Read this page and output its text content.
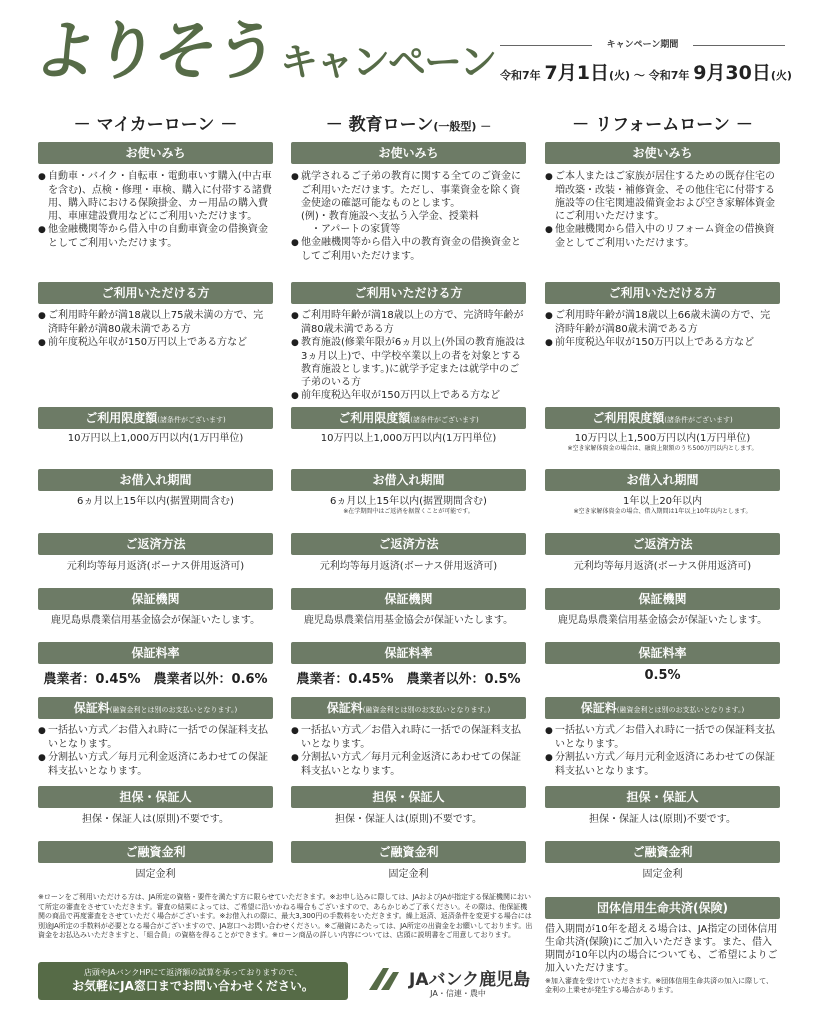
よりそう キャンペーン	キャンペーン期間
令和7年 7月1日(火) 〜 令和7年 9月30日(火)
－ マイカーローン －
お使いみち
● 自動車・バイク・自転車・電動車いす購入(中古車を含む)、点検・修理・車検、購入に付帯する諸費用、購入時における保険掛金、カー用品の購入費用、車庫建設費用などにご利用いただけます。
● 他金融機関等から借入中の自動車資金の借換資金としてご利用いただけます。
ご利用いただける方
● ご利用時年齢が満18歳以上75歳未満の方で、完済時年齢が満80歳未満である方
● 前年度税込年収が150万円以上である方など
ご利用限度額(諸条件がございます)
10万円以上1,000万円以内(1万円単位)
お借入れ期間
6ヵ月以上15年以内(据置期間含む)
ご返済方法
元利均等毎月返済(ボーナス併用返済可)
保証機関
鹿児島県農業信用基金協会が保証いたします。
保証料率
農業者：0.45%　農業者以外：0.6%
保証料(融資金利とは別のお支払いとなります。)
● 一括払い方式／お借入れ時に一括での保証料支払いとなります。
● 分割払い方式／毎月元利金返済にあわせての保証料支払いとなります。
担保・保証人
担保・保証人は(原則)不要です。
ご融資金利
固定金利
－ 教育ローン(一般型) －
お使いみち
● 就学されるご子弟の教育に関する全てのご資金にご利用いただけます。ただし、事業資金を除く資金使途の確認可能なものとします。
(例)・教育施設へ支払う入学金、授業料
　・アパートの家賃等
● 他金融機関等から借入中の教育資金の借換資金としてご利用いただけます。
ご利用いただける方
● ご利用時年齢が満18歳以上の方で、完済時年齢が満80歳未満である方
● 教育施設(修業年限が6ヵ月以上(外国の教育施設は3ヵ月以上)で、中学校卒業以上の者を対象とする教育施設とします。)に就学予定または就学中のご子弟のいる方
● 前年度税込年収が150万円以上である方など
ご利用限度額(諸条件がございます)
10万円以上1,000万円以内(1万円単位)
お借入れ期間
6ヵ月以上15年以内(据置期間含む)
※在学期間中はご返済を据置くことが可能です。
ご返済方法
元利均等毎月返済(ボーナス併用返済可)
保証機関
鹿児島県農業信用基金協会が保証いたします。
保証料率
農業者：0.45%　農業者以外：0.5%
保証料(融資金利とは別のお支払いとなります。)
● 一括払い方式／お借入れ時に一括での保証料支払いとなります。
● 分割払い方式／毎月元利金返済にあわせての保証料支払いとなります。
担保・保証人
担保・保証人は(原則)不要です。
ご融資金利
固定金利
－ リフォームローン －
お使いみち
● ご本人またはご家族が居住するための既存住宅の増改築・改装・補修資金、その他住宅に付帯する施設等の住宅関連設備資金および空き家解体資金にご利用いただけます。
● 他金融機関から借入中のリフォーム資金の借換資金としてご利用いただけます。
ご利用いただける方
● ご利用時年齢が満18歳以上66歳未満の方で、完済時年齢が満80歳未満である方
● 前年度税込年収が150万円以上である方など
ご利用限度額(諸条件がございます)
10万円以上1,500万円以内(1万円単位)
※空き家解体資金の場合は、融資上限額のうち500万円以内とします。
お借入れ期間
1年以上20年以内
※空き家解体資金の場合、借入期間は1年以上10年以内とします。
ご返済方法
元利均等毎月返済(ボーナス併用返済可)
保証機関
鹿児島県農業信用基金協会が保証いたします。
保証料率
0.5%
保証料(融資金利とは別のお支払いとなります。)
● 一括払い方式／お借入れ時に一括での保証料支払いとなります。
● 分割払い方式／毎月元利金返済にあわせての保証料支払いとなります。
担保・保証人
担保・保証人は(原則)不要です。
ご融資金利
固定金利
※ローンをご利用いただける方は、JA所定の資格・要件を満たす方に限らせていただきます。※お申し込みに際しては、JAおよびJAが指定する保証機関において所定の審査をさせていただきます。審査の結果によっては、ご希望に沿いかねる場合もございますので、あらかじめご了承ください。その際は、他保証機関の商品で再度審査をさせていただく場合がございます。※お借入れの際に、最大3,300円の手数料をいただきます。繰上返済、返済条件を変更する場合には別途JA所定の手数料が必要となる場合がございますので、JA窓口へお問い合わせください。※ご融資にあたっては、JA所定の出資金をお願いしております。出資金をお払込みいただきますと、「組合員」の資格を得ることができます。※ローン商品の詳しい内容については、店頭に説明書をご用意しております。
店頭やJAバンクHPにて返済額の試算を承っておりますので、
お気軽にJA窓口までお問い合わせください。	JAバンク鹿児島
JA・信連・農中
団体信用生命共済(保険)
借入期間が10年を超える場合は、JA指定の団体信用生命共済(保険)にご加入いただきます。また、借入期間が10年以内の場合についても、ご希望によりご加入いただけます。
※加入審査を受けていただきます。※団体信用生命共済の加入に際して、金利の上乗せが発生する場合があります。
